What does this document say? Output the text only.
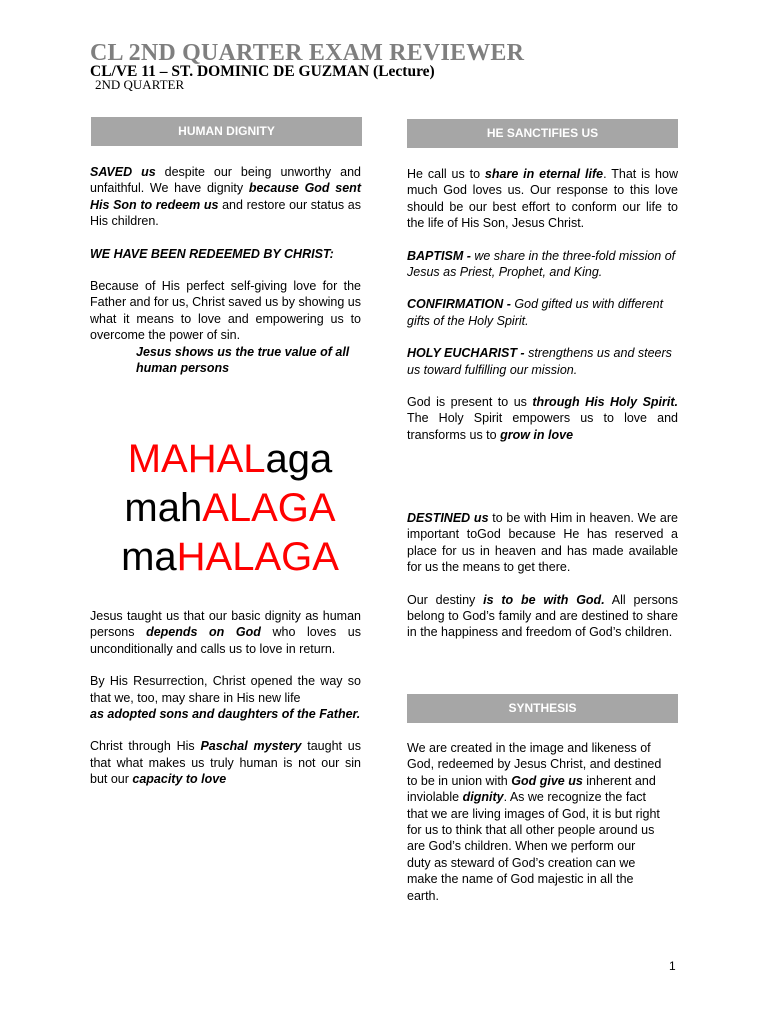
CL 2ND QUARTER EXAM REVIEWER
CL/VE 11 – ST. DOMINIC DE GUZMAN (Lecture)
2ND QUARTER
HUMAN DIGNITY

SAVED us despite our being unworthy and unfaithful. We have dignity because God sent His Son to redeem us and restore our status as His children.

WE HAVE BEEN REDEEMED BY CHRIST:

Because of His perfect self-giving love for the Father and for us, Christ saved us by showing us what it means to love and empowering us to overcome the power of sin.

Jesus shows us the true value of all human persons
MAHALaga
mahALAGA
maHALAGA

Jesus taught us that our basic dignity as human persons depends on God who loves us unconditionally and calls us to love in return.

By His Resurrection, Christ opened the way so that we, too, may share in His new life
as adopted sons and daughters of the Father.

Christ through His Paschal mystery taught us that what makes us truly human is not our sin but our capacity to love

HE SANCTIFIES US

He call us to share in eternal life. That is how much God loves us. Our response to this love should be our best effort to conform our life to the life of His Son, Jesus Christ.

BAPTISM - we share in the three-fold mission of Jesus as Priest, Prophet, and King.

CONFIRMATION - God gifted us with different gifts of the Holy Spirit.

HOLY EUCHARIST - strengthens us and steers us toward fulfilling our mission.

God is present to us through His Holy Spirit. The Holy Spirit empowers us to love and transforms us to grow in love

DESTINED us to be with Him in heaven. We are important toGod because He has reserved a place for us in heaven and has made available for us the means to get there.

Our destiny is to be with God. All persons belong to God’s family and are destined to share in the happiness and freedom of God’s children.

SYNTHESIS

We are created in the image and likeness of God, redeemed by Jesus Christ, and destined to be in union with God give us inherent and inviolable dignity. As we recognize the fact that we are living images of God, it is but right for us to think that all other people around us are God’s children. When we perform our duty as steward of God’s creation can we make the name of God majestic in all the earth.

1
